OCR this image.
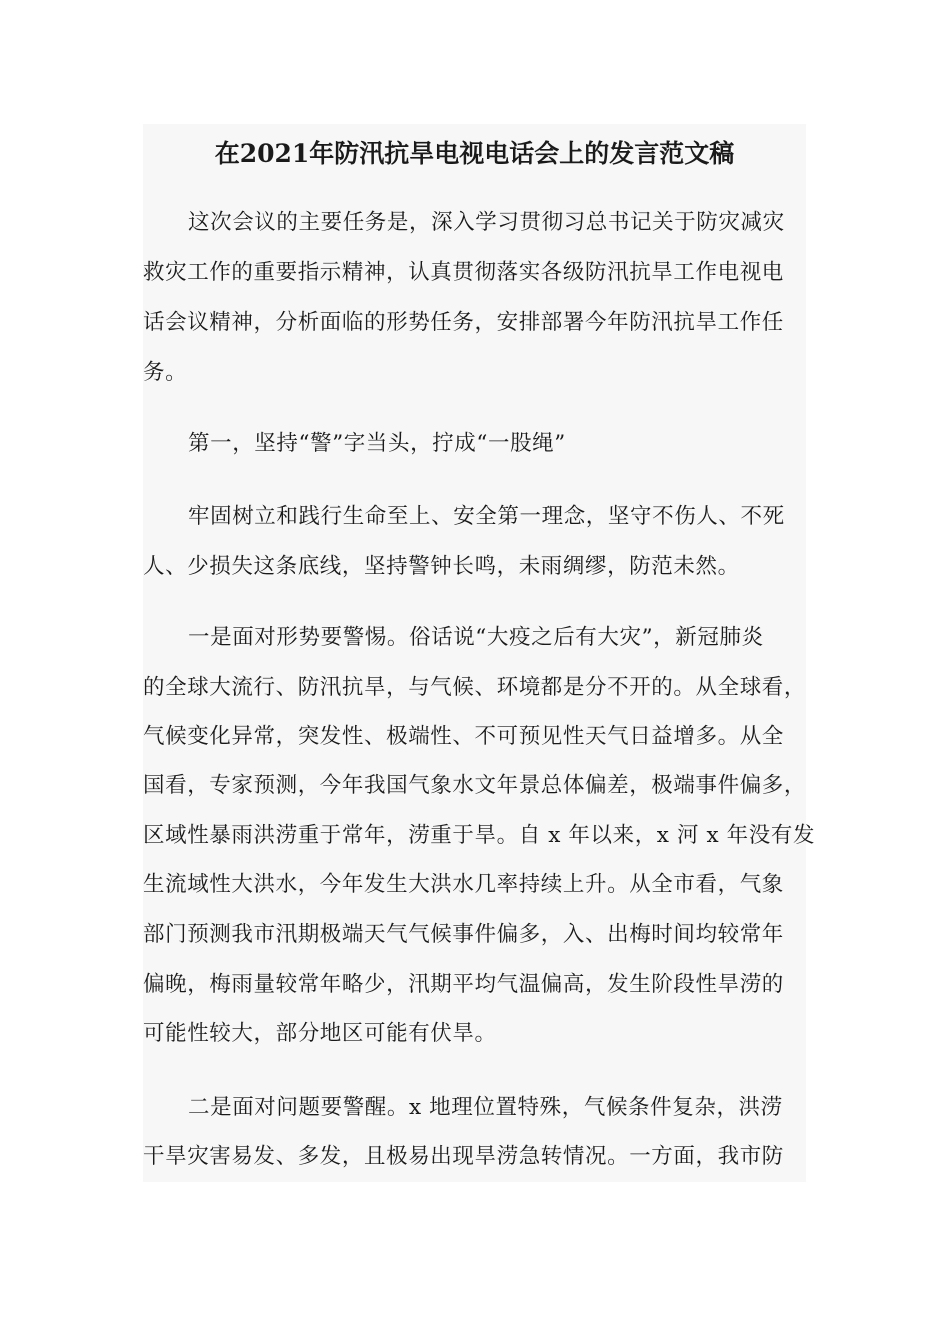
在2021年防汛抗旱电视电话会上的发言范文稿
这次会议的主要任务是，深入学习贯彻习总书记关于防灾减灾
救灾工作的重要指示精神，认真贯彻落实各级防汛抗旱工作电视电
话会议精神，分析面临的形势任务，安排部署今年防汛抗旱工作任
务。
第一，坚持“警”字当头，拧成“一股绳”
牢固树立和践行生命至上、安全第一理念，坚守不伤人、不死
人、少损失这条底线，坚持警钟长鸣，未雨绸缪，防范未然。
一是面对形势要警惕。俗话说“大疫之后有大灾”，新冠肺炎
的全球大流行、防汛抗旱，与气候、环境都是分不开的。从全球看，
气候变化异常，突发性、极端性、不可预见性天气日益增多。从全
国看，专家预测，今年我国气象水文年景总体偏差，极端事件偏多，
区域性暴雨洪涝重于常年，涝重于旱。自 x 年以来，x 河 x 年没有发
生流域性大洪水，今年发生大洪水几率持续上升。从全市看，气象
部门预测我市汛期极端天气气候事件偏多，入、出梅时间均较常年
偏晚，梅雨量较常年略少，汛期平均气温偏高，发生阶段性旱涝的
可能性较大，部分地区可能有伏旱。
二是面对问题要警醒。x 地理位置特殊，气候条件复杂，洪涝
干旱灾害易发、多发，且极易出现旱涝急转情况。一方面，我市防
